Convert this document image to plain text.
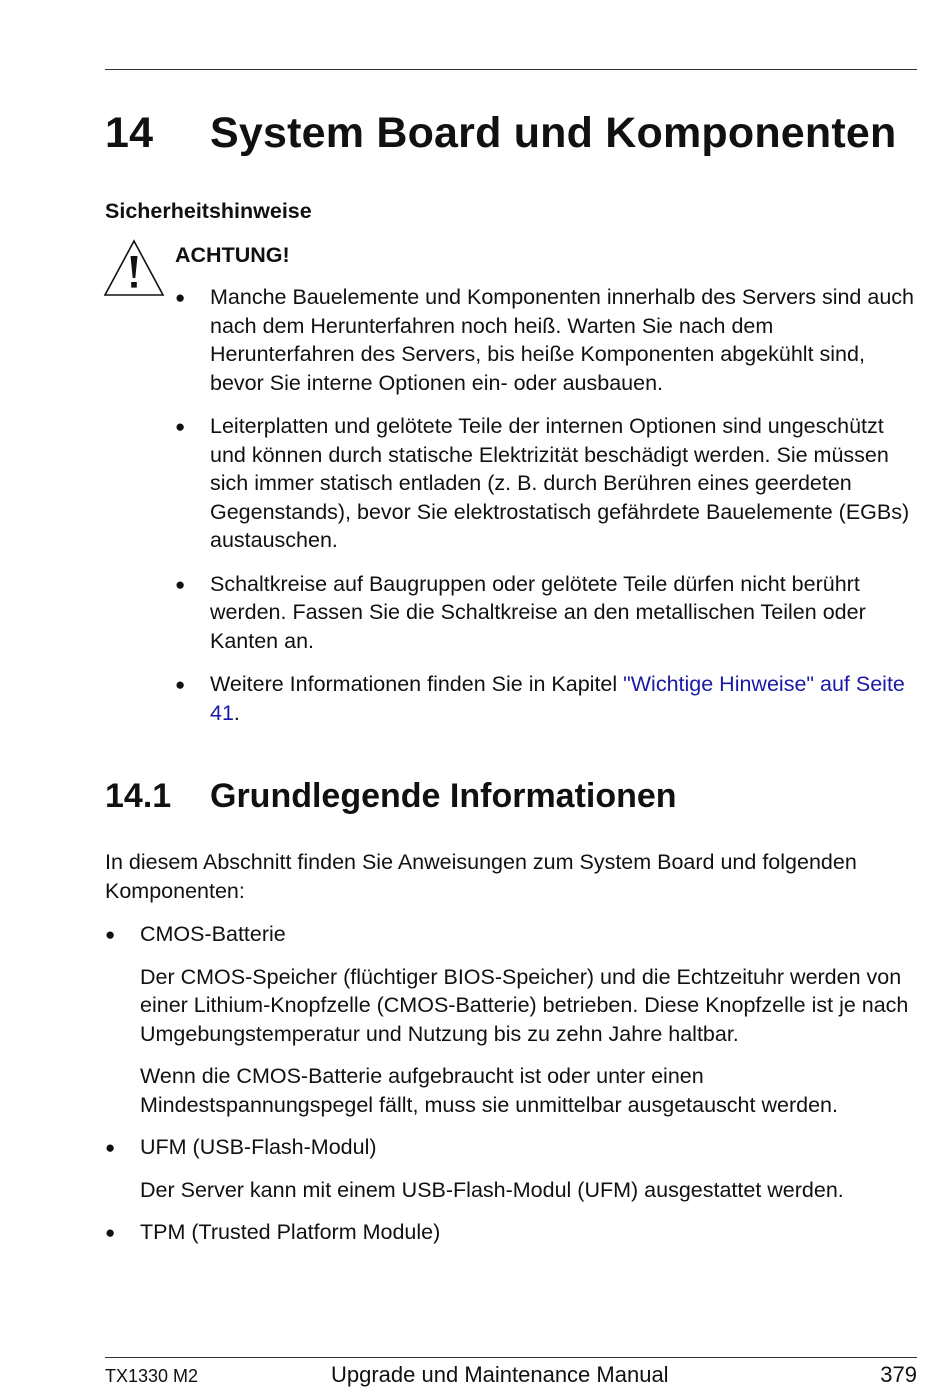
14 System Board und Komponenten
Sicherheitshinweise
ACHTUNG!
● Manche Bauelemente und Komponenten innerhalb des Servers sind auch nach dem Herunterfahren noch heiß. Warten Sie nach dem Herunterfahren des Servers, bis heiße Komponenten abgekühlt sind, bevor Sie interne Optionen ein- oder ausbauen.
● Leiterplatten und gelötete Teile der internen Optionen sind ungeschützt und können durch statische Elektrizität beschädigt werden. Sie müssen sich immer statisch entladen (z. B. durch Berühren eines geerdeten Gegenstands), bevor Sie elektrostatisch gefährdete Bauelemente (EGBs) austauschen.
● Schaltkreise auf Baugruppen oder gelötete Teile dürfen nicht berührt werden. Fassen Sie die Schaltkreise an den metallischen Teilen oder Kanten an.
● Weitere Informationen finden Sie in Kapitel "Wichtige Hinweise" auf Seite 41.
14.1 Grundlegende Informationen

In diesem Abschnitt finden Sie Anweisungen zum System Board und folgenden Komponenten:

● CMOS-Batterie

Der CMOS-Speicher (flüchtiger BIOS-Speicher) und die Echtzeituhr werden von einer Lithium-Knopfzelle (CMOS-Batterie) betrieben. Diese Knopfzelle ist je nach Umgebungstemperatur und Nutzung bis zu zehn Jahre haltbar.

Wenn die CMOS-Batterie aufgebraucht ist oder unter einen Mindestspannungspegel fällt, muss sie unmittelbar ausgetauscht werden.

● UFM (USB-Flash-Modul)

Der Server kann mit einem USB-Flash-Modul (UFM) ausgestattet werden.

● TPM (Trusted Platform Module)

TX1330 M2	Upgrade und Maintenance Manual	379
